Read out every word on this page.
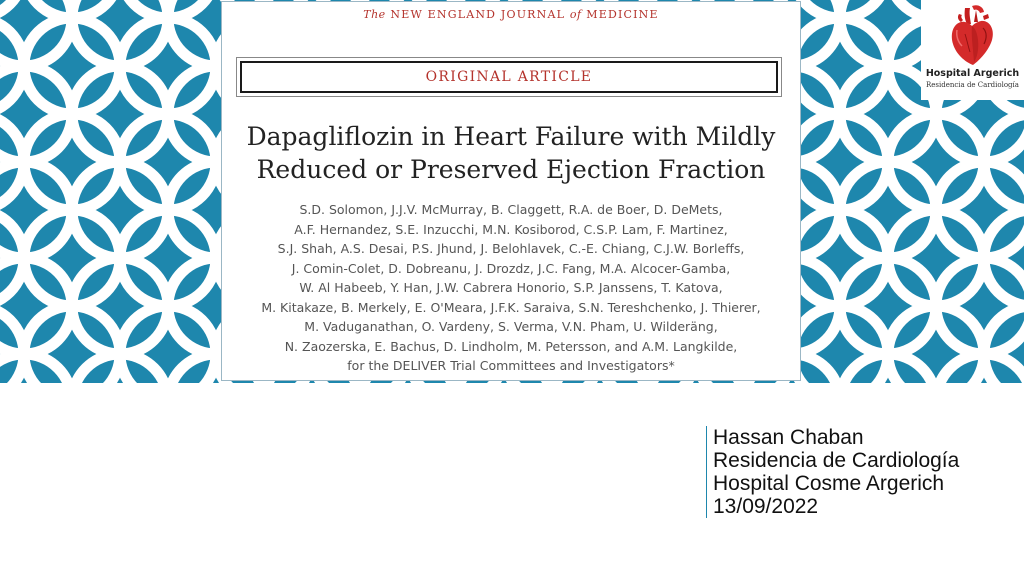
The NEW ENGLAND JOURNAL of MEDICINE
ORIGINAL ARTICLE
Dapagliflozin in Heart Failure with Mildly
Reduced or Preserved Ejection Fraction
S.D. Solomon, J.J.V. McMurray, B. Claggett, R.A. de Boer, D. DeMets,
A.F. Hernandez, S.E. Inzucchi, M.N. Kosiborod, C.S.P. Lam, F. Martinez,
S.J. Shah, A.S. Desai, P.S. Jhund, J. Belohlavek, C.-E. Chiang, C.J.W. Borleffs,
J. Comin-Colet, D. Dobreanu, J. Drozdz, J.C. Fang, M.A. Alcocer-Gamba,
W. Al Habeeb, Y. Han, J.W. Cabrera Honorio, S.P. Janssens, T. Katova,
M. Kitakaze, B. Merkely, E. O'Meara, J.F.K. Saraiva, S.N. Tereshchenko, J. Thierer,
M. Vaduganathan, O. Vardeny, S. Verma, V.N. Pham, U. Wilderäng,
N. Zaozerska, E. Bachus, D. Lindholm, M. Petersson, and A.M. Langkilde,
for the DELIVER Trial Committees and Investigators*
Hospital Argerich
Residencia de Cardiología
Hassan Chaban
Residencia de Cardiología
Hospital Cosme Argerich
13/09/2022
